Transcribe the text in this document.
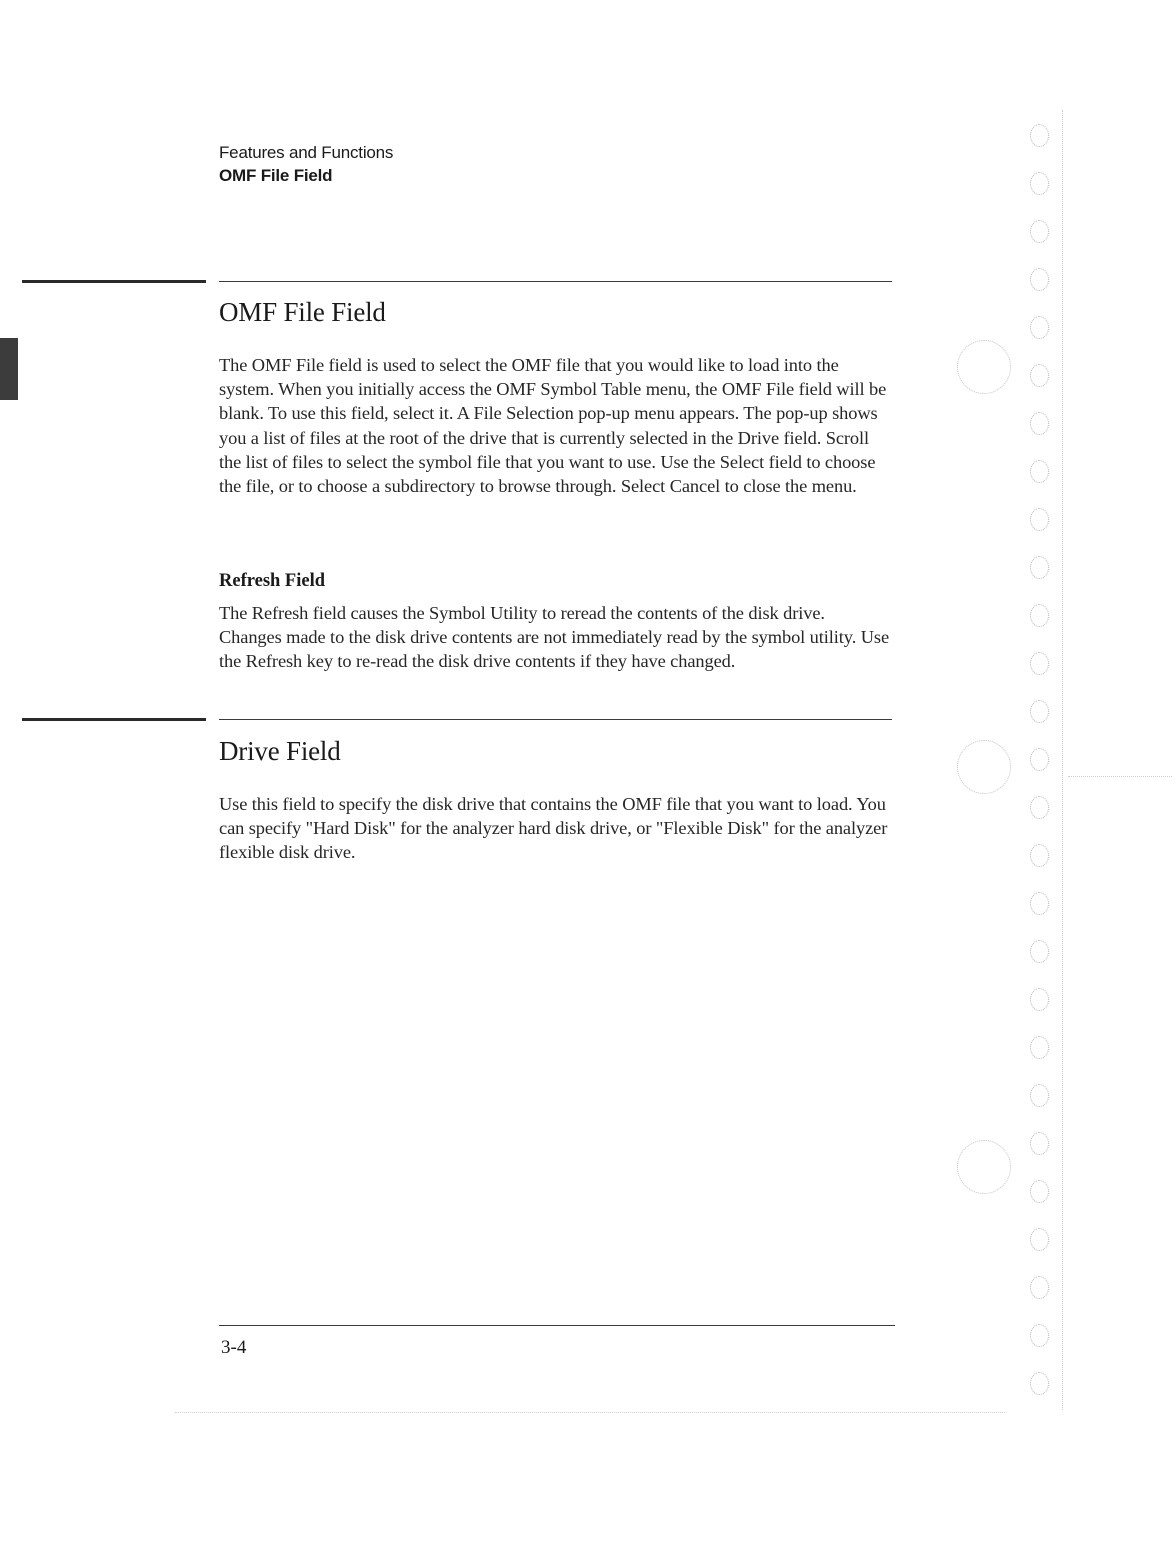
Features and Functions
OMF File Field
OMF File Field

The OMF File field is used to select the OMF file that you would like to load into the system. When you initially access the OMF Symbol Table menu, the OMF File field will be blank. To use this field, select it. A File Selection pop-up menu appears. The pop-up shows you a list of files at the root of the drive that is currently selected in the Drive field. Scroll the list of files to select the symbol file that you want to use. Use the Select field to choose the file, or to choose a subdirectory to browse through. Select Cancel to close the menu.

Refresh Field

The Refresh field causes the Symbol Utility to reread the contents of the disk drive. Changes made to the disk drive contents are not immediately read by the symbol utility. Use the Refresh key to re-read the disk drive contents if they have changed.

Drive Field

Use this field to specify the disk drive that contains the OMF file that you want to load. You can specify "Hard Disk" for the analyzer hard disk drive, or "Flexible Disk" for the analyzer flexible disk drive.

3-4
